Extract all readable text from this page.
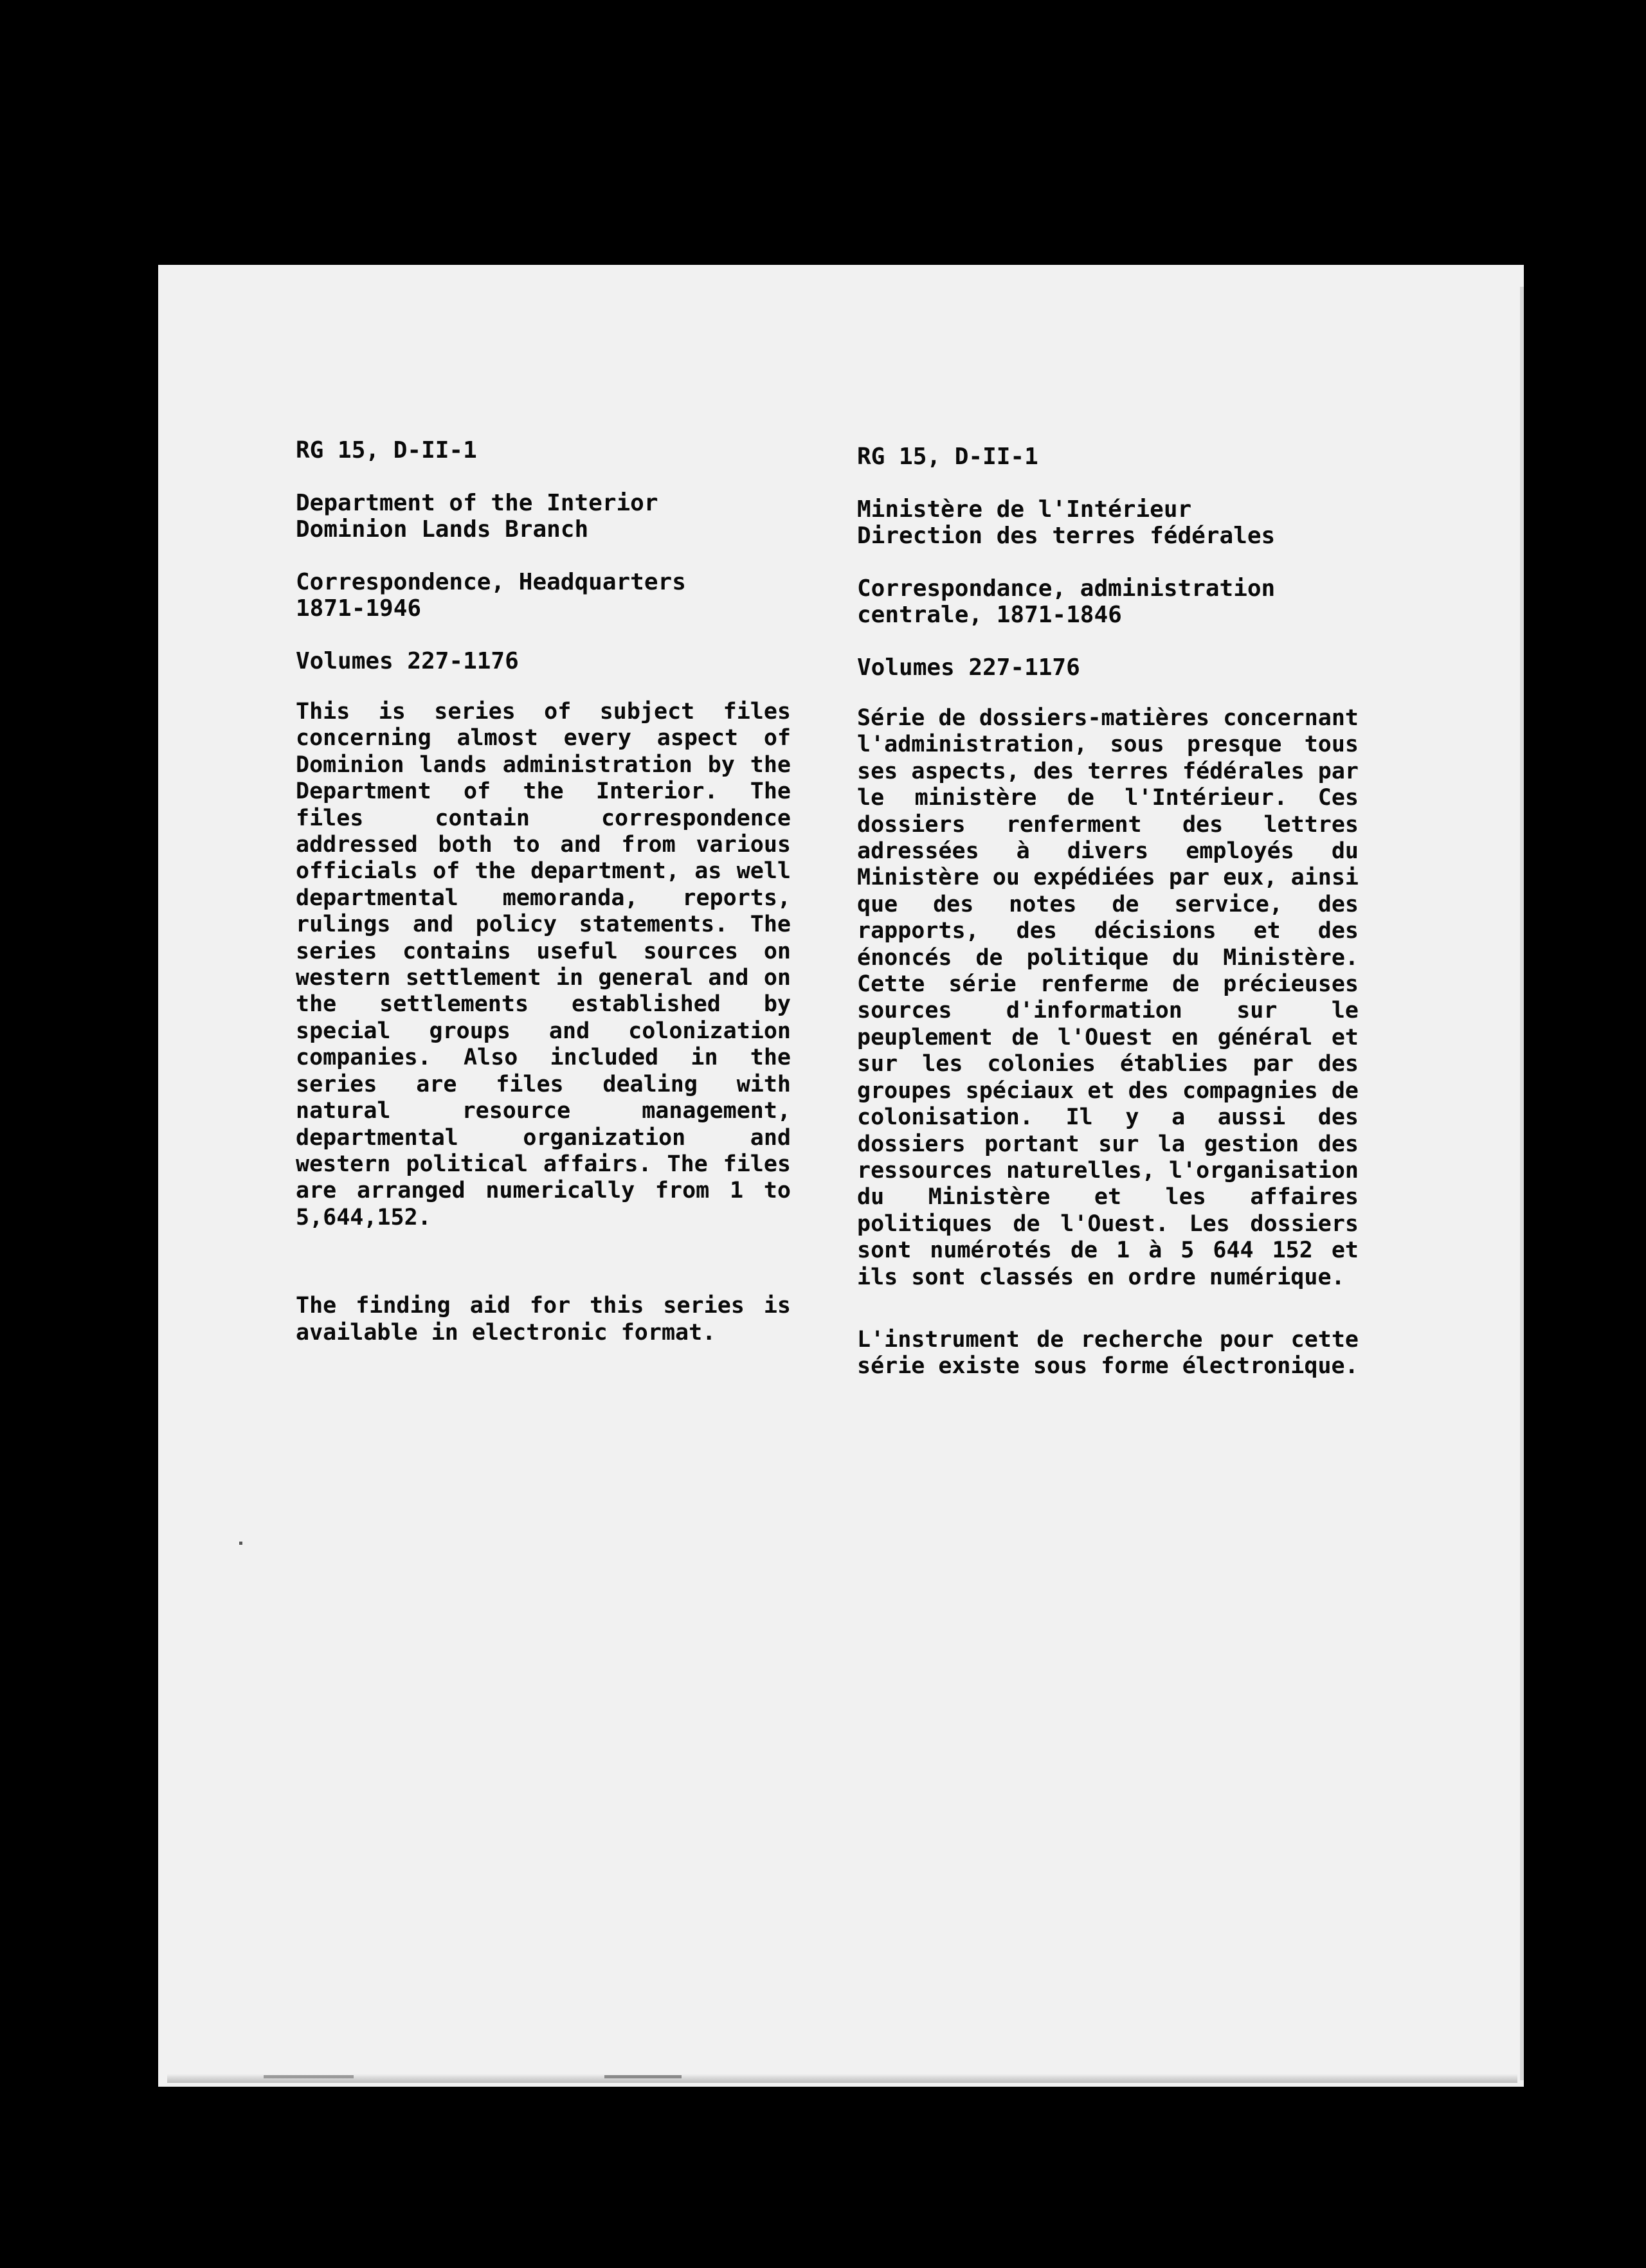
RG 15, D-II-1
Department of the Interior
Dominion Lands Branch
Correspondence, Headquarters
1871-1946
Volumes 227-1176

This is series of subject files concerning almost every aspect of Dominion lands administration by the Department of the Interior. The files contain correspondence addressed both to and from various officials of the department, as well departmental memoranda, reports, rulings and policy statements. The series contains useful sources on western settlement in general and on the settlements established by special groups and colonization companies. Also included in the series are files dealing with natural resource management, departmental organization and western political affairs. The files are arranged numerically from 1 to 5,644,152.

The finding aid for this series is available in electronic format.

RG 15, D-II-1
Ministère de l'Intérieur
Direction des terres fédérales
Correspondance, administration
centrale, 1871-1846
Volumes 227-1176

Série de dossiers-matières concernant l'administration, sous presque tous ses aspects, des terres fédérales par le ministère de l'Intérieur. Ces dossiers renferment des lettres adressées à divers employés du Ministère ou expédiées par eux, ainsi que des notes de service, des rapports, des décisions et des énoncés de politique du Ministère. Cette série renferme de précieuses sources d'information sur le peuplement de l'Ouest en général et sur les colonies établies par des groupes spéciaux et des compagnies de colonisation. Il y a aussi des dossiers portant sur la gestion des ressources naturelles, l'organisation du Ministère et les affaires politiques de l'Ouest. Les dossiers sont numérotés de 1 à 5 644 152 et ils sont classés en ordre numérique.

L'instrument de recherche pour cette série existe sous forme électronique.
